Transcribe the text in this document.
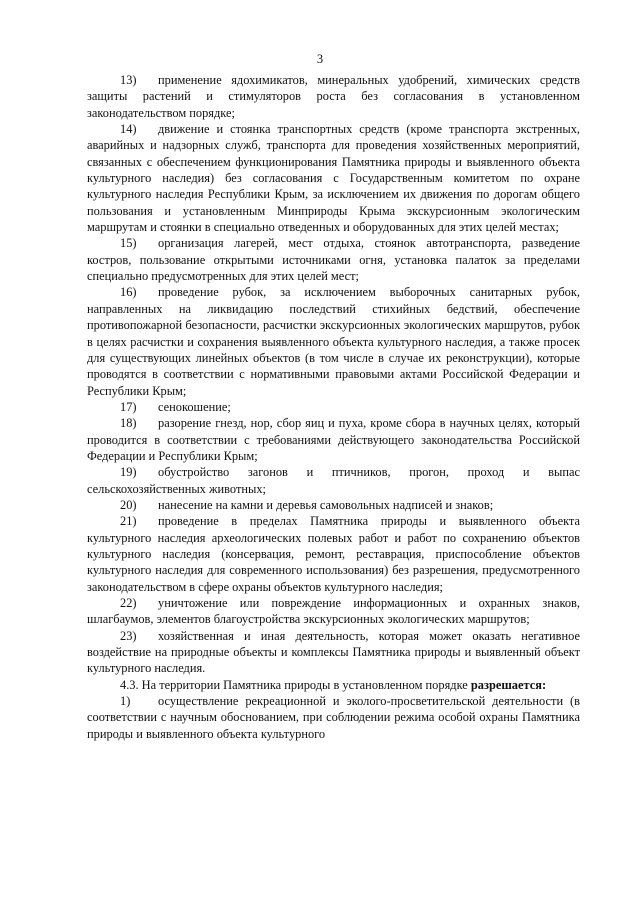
3

13) применение ядохимикатов, минеральных удобрений, химических средств защиты растений и стимуляторов роста без согласования в установленном законодательством порядке;

14) движение и стоянка транспортных средств (кроме транспорта экстренных, аварийных и надзорных служб, транспорта для проведения хозяйственных мероприятий, связанных с обеспечением функционирования Памятника природы и выявленного объекта культурного наследия) без согласования с Государственным комитетом по охране культурного наследия Республики Крым, за исключением их движения по дорогам общего пользования и установленным Минприроды Крыма экскурсионным экологическим маршрутам и стоянки в специально отведенных и оборудованных для этих целей местах;

15) организация лагерей, мест отдыха, стоянок автотранспорта, разведение костров, пользование открытыми источниками огня, установка палаток за пределами специально предусмотренных для этих целей мест;

16) проведение рубок, за исключением выборочных санитарных рубок, направленных на ликвидацию последствий стихийных бедствий, обеспечение противопожарной безопасности, расчистки экскурсионных экологических маршрутов, рубок в целях расчистки и сохранения выявленного объекта культурного наследия, а также просек для существующих линейных объектов (в том числе в случае их реконструкции), которые проводятся в соответствии с нормативными правовыми актами Российской Федерации и Республики Крым;

17) сенокошение;

18) разорение гнезд, нор, сбор яиц и пуха, кроме сбора в научных целях, который проводится в соответствии с требованиями действующего законодательства Российской Федерации и Республики Крым;

19) обустройство загонов и птичников, прогон, проход и выпас сельскохозяйственных животных;

20) нанесение на камни и деревья самовольных надписей и знаков;

21) проведение в пределах Памятника природы и выявленного объекта культурного наследия археологических полевых работ и работ по сохранению объектов культурного наследия (консервация, ремонт, реставрация, приспособление объектов культурного наследия для современного использования) без разрешения, предусмотренного законодательством в сфере охраны объектов культурного наследия;

22) уничтожение или повреждение информационных и охранных знаков, шлагбаумов, элементов благоустройства экскурсионных экологических маршрутов;

23) хозяйственная и иная деятельность, которая может оказать негативное воздействие на природные объекты и комплексы Памятника природы и выявленный объект культурного наследия.

4.3. На территории Памятника природы в установленном порядке разрешается:

1) осуществление рекреационной и эколого-просветительской деятельности (в соответствии с научным обоснованием, при соблюдении режима особой охраны Памятника природы и выявленного объекта культурного
